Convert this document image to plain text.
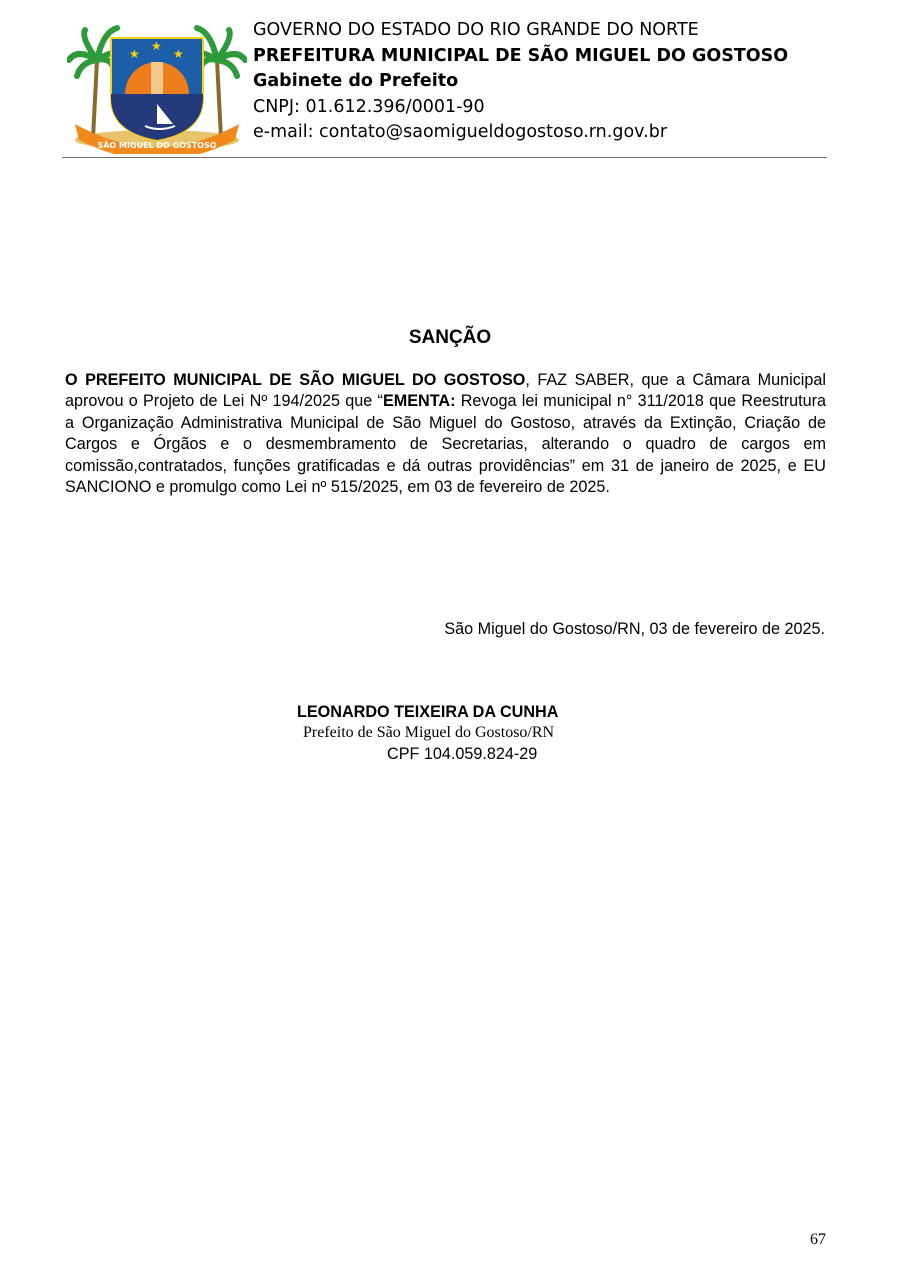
★
★
★
SÃO MIGUEL DO GOSTOSO
GOVERNO DO ESTADO DO RIO GRANDE DO NORTE
PREFEITURA MUNICIPAL DE SÃO MIGUEL DO GOSTOSO
Gabinete do Prefeito
CNPJ: 01.612.396/0001-90
e-mail: contato@saomigueldogostoso.rn.gov.br
SANÇÃO
O PREFEITO MUNICIPAL DE SÃO MIGUEL DO GOSTOSO, FAZ SABER, que a Câmara Municipal aprovou o Projeto de Lei Nº 194/2025 que “EMENTA: Revoga lei municipal n° 311/2018 que Reestrutura a Organização Administrativa Municipal de São Miguel do Gostoso, através da Extinção, Criação de Cargos e Órgãos e o desmembramento de Secretarias, alterando o quadro de cargos em comissão,contratados, funções gratificadas e dá outras providências” em 31 de janeiro de 2025, e EU SANCIONO e promulgo como Lei nº 515/2025, em 03 de fevereiro de 2025.
São Miguel do Gostoso/RN, 03 de fevereiro de 2025.
LEONARDO TEIXEIRA DA CUNHA
Prefeito de São Miguel do Gostoso/RN
CPF 104.059.824-29
67
